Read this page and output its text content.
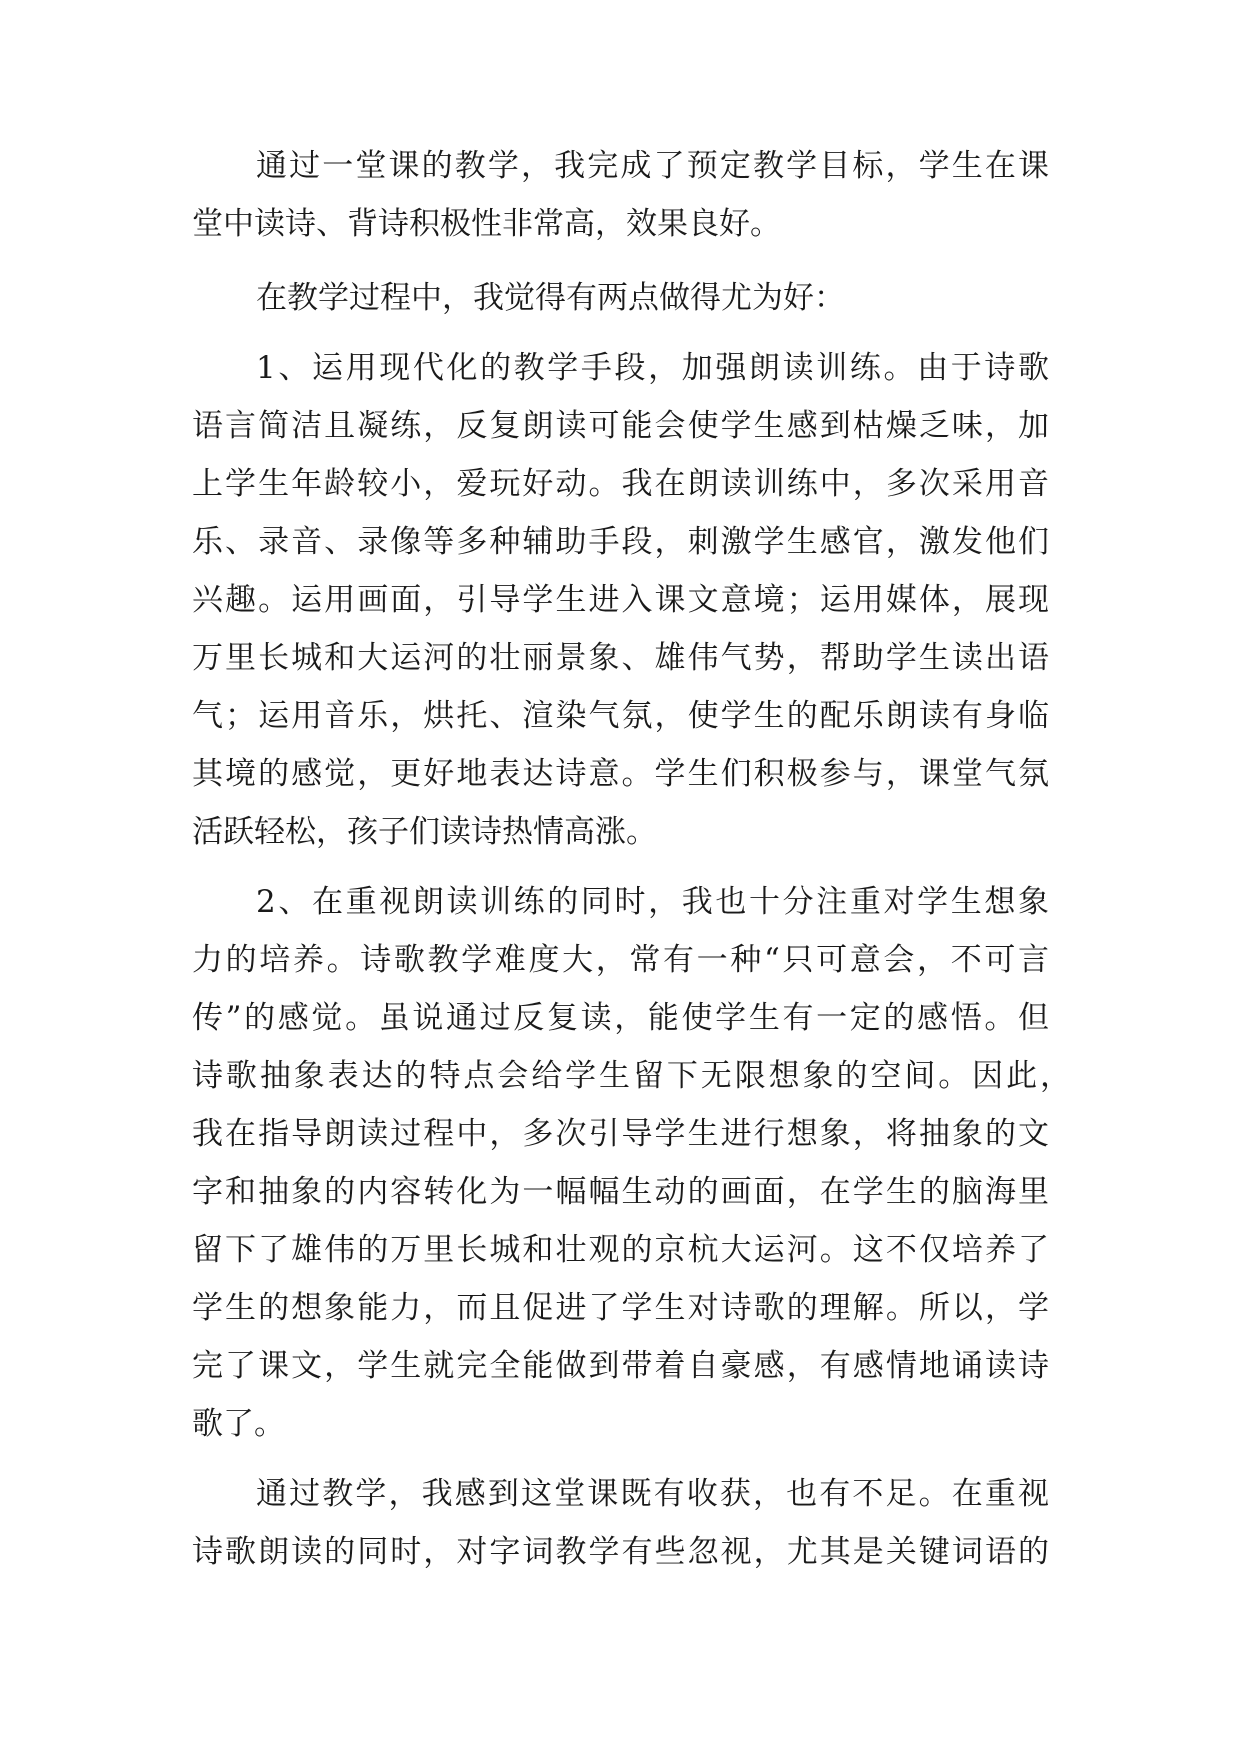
通过一堂课的教学，我完成了预定教学目标，学生在课
堂中读诗、背诗积极性非常高，效果良好。
在教学过程中，我觉得有两点做得尤为好：
1、运用现代化的教学手段，加强朗读训练。由于诗歌
语言简洁且凝练，反复朗读可能会使学生感到枯燥乏味，加
上学生年龄较小，爱玩好动。我在朗读训练中，多次采用音
乐、录音、录像等多种辅助手段，刺激学生感官，激发他们
兴趣。运用画面，引导学生进入课文意境；运用媒体，展现
万里长城和大运河的壮丽景象、雄伟气势，帮助学生读出语
气；运用音乐，烘托、渲染气氛，使学生的配乐朗读有身临
其境的感觉，更好地表达诗意。学生们积极参与，课堂气氛
活跃轻松，孩子们读诗热情高涨。
2、在重视朗读训练的同时，我也十分注重对学生想象
力的培养。诗歌教学难度大，常有一种“只可意会，不可言
传”的感觉。虽说通过反复读，能使学生有一定的感悟。但
诗歌抽象表达的特点会给学生留下无限想象的空间。因此，
我在指导朗读过程中，多次引导学生进行想象，将抽象的文
字和抽象的内容转化为一幅幅生动的画面，在学生的脑海里
留下了雄伟的万里长城和壮观的京杭大运河。这不仅培养了
学生的想象能力，而且促进了学生对诗歌的理解。所以，学
完了课文，学生就完全能做到带着自豪感，有感情地诵读诗
歌了。
通过教学，我感到这堂课既有收获，也有不足。在重视
诗歌朗读的同时，对字词教学有些忽视，尤其是关键词语的
